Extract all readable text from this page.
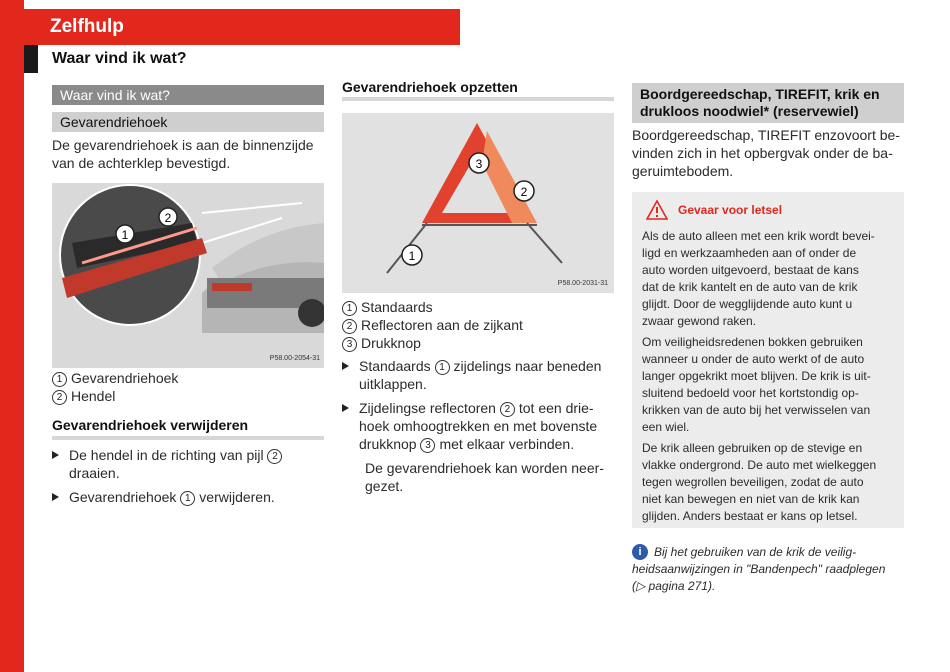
Zelfhulp
Waar vind ik wat?
Waar vind ik wat?
Gevarendriehoek
De gevarendriehoek is aan de binnenzijde
van de achterklep bevestigd.
1
2
P58.00-2054-31
1 Gevarendriehoek
2 Hendel
Gevarendriehoek verwijderen
De hendel in de richting van pijl 2
draaien.
Gevarendriehoek 1 verwijderen.
Gevarendriehoek opzetten
3
2
1
P58.00-2031-31
1 Standaards
2 Reflectoren aan de zijkant
3 Drukknop
Standaards 1 zijdelings naar beneden
uitklappen.
Zijdelingse reflectoren 2 tot een drie-
hoek omhoogtrekken en met bovenste
drukknop 3 met elkaar verbinden.
De gevarendriehoek kan worden neer-
gezet.
Boordgereedschap, TIREFIT, krik en
drukloos noodwiel* (reservewiel)
Boordgereedschap, TIREFIT enzovoort be-
vinden zich in het opbergvak onder de ba-
geruimtebodem.
Gevaar voor letsel
Als de auto alleen met een krik wordt bevei-
ligd en werkzaamheden aan of onder de
auto worden uitgevoerd, bestaat de kans
dat de krik kantelt en de auto van de krik
glijdt. Door de wegglijdende auto kunt u
zwaar gewond raken.
Om veiligheidsredenen bokken gebruiken
wanneer u onder de auto werkt of de auto
langer opgekrikt moet blijven. De krik is uit-
sluitend bedoeld voor het kortstondig op-
krikken van de auto bij het verwisselen van
een wiel.
De krik alleen gebruiken op de stevige en
vlakke ondergrond. De auto met wielkeggen
tegen wegrollen beveiligen, zodat de auto
niet kan bewegen en niet van de krik kan
glijden. Anders bestaat er kans op letsel.
i	Bij het gebruiken van de krik de veilig-
heidsaanwijzingen in "Bandenpech" raadplegen
(▷ pagina 271).
216
